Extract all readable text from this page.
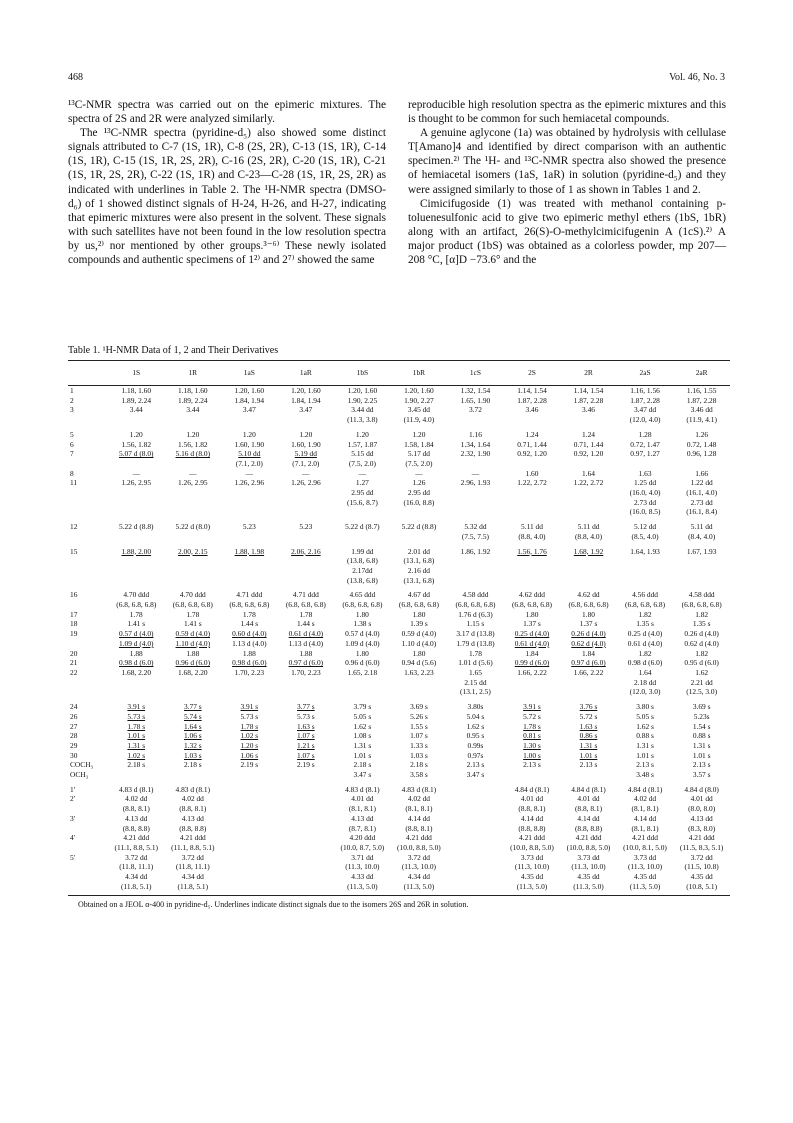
468	Vol. 46, No. 3

¹³C-NMR spectra was carried out on the epimeric mixtures. The spectra of 2S and 2R were analyzed similarly.

The ¹³C-NMR spectra (pyridine-d₅) also showed some distinct signals attributed to C-7 (1S, 1R), C-8 (2S, 2R), C-13 (1S, 1R), C-14 (1S, 1R), C-15 (1S, 1R, 2S, 2R), C-16 (2S, 2R), C-20 (1S, 1R), C-21 (1S, 1R, 2S, 2R), C-22 (1S, 1R) and C-23—C-28 (1S, 1R, 2S, 2R) as indicated with underlines in Table 2. The ¹H-NMR spectra (DMSO-d₆) of 1 showed distinct signals of H-24, H-26, and H-27, indicating that epimeric mixtures were also present in the solvent. These signals with such satellites have not been found in the low resolution spectra by us,²⁾ nor mentioned by other groups.³⁻⁶⁾ These newly isolated compounds and authentic specimens of 1²⁾ and 2⁷⁾ showed the same

reproducible high resolution spectra as the epimeric mixtures and this is thought to be common for such hemiacetal compounds.

A genuine aglycone (1a) was obtained by hydrolysis with cellulase T[Amano]4 and identified by direct comparison with an authentic specimen.²⁾ The ¹H- and ¹³C-NMR spectra also showed the presence of hemiacetal isomers (1aS, 1aR) in solution (pyridine-d₅) and they were assigned similarly to those of 1 as shown in Tables 1 and 2.

Cimicifugoside (1) was treated with methanol containing p-toluenesulfonic acid to give two epimeric methyl ethers (1bS, 1bR) along with an artifact, 26(S)-O-methylcimicifugenin A (1cS).²⁾ A major product (1bS) was obtained as a colorless powder, mp 207—208 °C, [α]D −73.6° and the

Table 1. ¹H-NMR Data of 1, 2 and Their Derivatives
	1S	1R	1aS	1aR	1bS	1bR	1cS	2S	2R	2aS	2aR
1	1.18, 1.60	1.18, 1.60	1.20, 1.60	1.20, 1.60	1.20, 1.60	1.20, 1.60	1.32, 1.54	1.14, 1.54	1.14, 1.54	1.16, 1.56	1.16, 1.55
2	1.89, 2.24	1.89, 2.24	1.84, 1.94	1.84, 1.94	1.90, 2.25	1.90, 2.27	1.65, 1.90	1.87, 2.28	1.87, 2.28	1.87, 2.28	1.87, 2.28
3	3.44	3.44	3.47	3.47	3.44 dd	3.45 dd	3.72	3.46	3.46	3.47 dd	3.46 dd
					(11.3, 3.8)	(11.9, 4.0)				(12.0, 4.0)	(11.9, 4.1)

5	1.20	1.20	1.20	1.20	1.20	1.20	1.16	1.24	1.24	1.28	1.26
6	1.56, 1.82	1.56, 1.82	1.60, 1.90	1.60, 1.90	1.57, 1.87	1.58, 1.84	1.34, 1.64	0.71, 1.44	0.71, 1.44	0.72, 1.47	0.72, 1.48
7	5.07 d (8.0)	5.16 d (8.0)	5.10 dd	5.19 dd	5.15 dd	5.17 dd	2.32, 1.90	0.92, 1.20	0.92, 1.20	0.97, 1.27	0.96, 1.28
			(7.1, 2.0)	(7.1, 2.0)	(7.5, 2.0)	(7.5, 2.0)					
8	—	—	—	—	—	—	—	1.60	1.64	1.63	1.66
11	1.26, 2.95	1.26, 2.95	1.26, 2.96	1.26, 2.96	1.27	1.26	2.96, 1.93	1.22, 2.72	1.22, 2.72	1.25 dd	1.22 dd
					2.95 dd	2.95 dd				(16.0, 4.0)	(16.1, 4.0)
					(15.6, 8.7)	(16.0, 8.8)				2.73 dd	2.73 dd
										(16.0, 8.5)	(16.1, 8.4)

12	5.22 d (8.8)	5.22 d (8.0)	5.23	5.23	5.22 d (8.7)	5.22 d (8.8)	5.32 dd	5.11 dd	5.11 dd	5.12 dd	5.11 dd
							(7.5, 7.5)	(8.8, 4.0)	(8.8, 4.0)	(8.5, 4.0)	(8.4, 4.0)

15	1.88, 2.00	2.00, 2.15	1.88, 1.98	2.06, 2.16	1.99 dd	2.01 dd	1.86, 1.92	1.56, 1.76	1.68, 1.92	1.64, 1.93	1.67, 1.93
					(13.8, 6.8)	(13.1, 6.8)					
					2.17dd	2.16 dd					
					(13.8, 6.8)	(13.1, 6.8)					

16	4.70 ddd	4.70 ddd	4.71 ddd	4.71 ddd	4.65 ddd	4.67 dd	4.58 ddd	4.62 ddd	4.62 dd	4.56 ddd	4.58 ddd
	(6.8, 6.8, 6.8)	(6.8, 6.8, 6.8)	(6.8, 6.8, 6.8)	(6.8, 6.8, 6.8)	(6.8, 6.8, 6.8)	(6.8, 6.8, 6.8)	(6.8, 6.8, 6.8)	(6.8, 6.8, 6.8)	(6.8, 6.8, 6.8)	(6.8, 6.8, 6.8)	(6.8, 6.8, 6.8)
17	1.78	1.78	1.78	1.78	1.80	1.80	1.76 d (6.3)	1.80	1.80	1.82	1.82
18	1.41 s	1.41 s	1.44 s	1.44 s	1.38 s	1.39 s	1.15 s	1.37 s	1.37 s	1.35 s	1.35 s
19	0.57 d (4.0)	0.59 d (4.0)	0.60 d (4.0)	0.61 d (4.0)	0.57 d (4.0)	0.59 d (4.0)	3.17 d (13.8)	0.25 d (4.0)	0.26 d (4.0)	0.25 d (4.0)	0.26 d (4.0)
	1.09 d (4.0)	1.10 d (4.0)	1.13 d (4.0)	1.13 d (4.0)	1.09 d (4.0)	1.10 d (4.0)	1.79 d (13.8)	0.61 d (4.0)	0.62 d (4.0)	0.61 d (4.0)	0.62 d (4.0)
20	1.88	1.88	1.88	1.88	1.80	1.80	1.78	1.84	1.84	1.82	1.82
21	0.98 d (6.0)	0.96 d (6.0)	0.98 d (6.0)	0.97 d (6.0)	0.96 d (6.0)	0.94 d (5.6)	1.01 d (5.6)	0.99 d (6.0)	0.97 d (6.0)	0.98 d (6.0)	0.95 d (6.0)
22	1.68, 2.20	1.68, 2.20	1.70, 2.23	1.70, 2.23	1.65, 2.18	1.63, 2.23	1.65	1.66, 2.22	1.66, 2.22	1.64	1.62
							2.15 dd			2.18 dd	2.21 dd
							(13.1, 2.5)			(12.0, 3.0)	(12.5, 3.0)

24	3.91 s	3.77 s	3.91 s	3.77 s	3.79 s	3.69 s	3.80s	3.91 s	3.76 s	3.80 s	3.69 s
26	5.73 s	5.74 s	5.73 s	5.73 s	5.05 s	5.26 s	5.04 s	5.72 s	5.72 s	5.05 s	5.23s
27	1.78 s	1.64 s	1.78 s	1.63 s	1.62 s	1.55 s	1.62 s	1.78 s	1.63 s	1.62 s	1.54 s
28	1.01 s	1.06 s	1.02 s	1.07 s	1.08 s	1.07 s	0.95 s	0.81 s	0.86 s	0.88 s	0.88 s
29	1.31 s	1.32 s	1.20 s	1.21 s	1.31 s	1.33 s	0.99s	1.30 s	1.31 s	1.31 s	1.31 s
30	1.02 s	1.03 s	1.06 s	1.07 s	1.01 s	1.03 s	0.97s	1.00 s	1.01 s	1.01 s	1.01 s
COCH₃	2.18 s	2.18 s	2.19 s	2.19 s	2.18 s	2.18 s	2.13 s	2.13 s	2.13 s	2.13 s	2.13 s
OCH₃					3.47 s	3.58 s	3.47 s			3.48 s	3.57 s

1'	4.83 d (8.1)	4.83 d (8.1)			4.83 d (8.1)	4.83 d (8.1)		4.84 d (8.1)	4.84 d (8.1)	4.84 d (8.1)	4.84 d (8.0)
2'	4.02 dd	4.02 dd			4.01 dd	4.02 dd		4.01 dd	4.01 dd	4.02 dd	4.01 dd
	(8.8, 8.1)	(8.8, 8.1)			(8.1, 8.1)	(8.1, 8.1)		(8.8, 8.1)	(8.8, 8.1)	(8.1, 8.1)	(8.0, 8.0)
3'	4.13 dd	4.13 dd			4.13 dd	4.14 dd		4.14 dd	4.14 dd	4.14 dd	4.13 dd
	(8.8, 8.8)	(8.8, 8.8)			(8.7, 8.1)	(8.8, 8.1)		(8.8, 8.8)	(8.8, 8.8)	(8.1, 8.1)	(8.3, 8.0)
4'	4.21 ddd	4.21 ddd			4.20 ddd	4.21 ddd		4.21 ddd	4.21 ddd	4.21 ddd	4.21 ddd
	(11.1, 8.8, 5.1)	(11.1, 8.8, 5.1)			(10.0, 8.7, 5.0)	(10.0, 8.8, 5.0)		(10.0, 8.8, 5.0)	(10.0, 8.8, 5.0)	(10.0, 8.1, 5.0)	(11.5, 8.3, 5.1)
5'	3.72 dd	3.72 dd			3.71 dd	3.72 dd		3.73 dd	3.73 dd	3.73 dd	3.72 dd
	(11.8, 11.1)	(11.8, 11.1)			(11.3, 10.0)	(11.3, 10.0)		(11.3, 10.0)	(11.3, 10.0)	(11.3, 10.0)	(11.5, 10.8)
	4.34 dd	4.34 dd			4.33 dd	4.34 dd		4.35 dd	4.35 dd	4.35 dd	4.35 dd
	(11.8, 5.1)	(11.8, 5.1)			(11.3, 5.0)	(11.3, 5.0)		(11.3, 5.0)	(11.3, 5.0)	(11.3, 5.0)	(10.8, 5.1)
Obtained on a JEOL α-400 in pyridine-d₅. Underlines indicate distinct signals due to the isomers 26S and 26R in solution.
